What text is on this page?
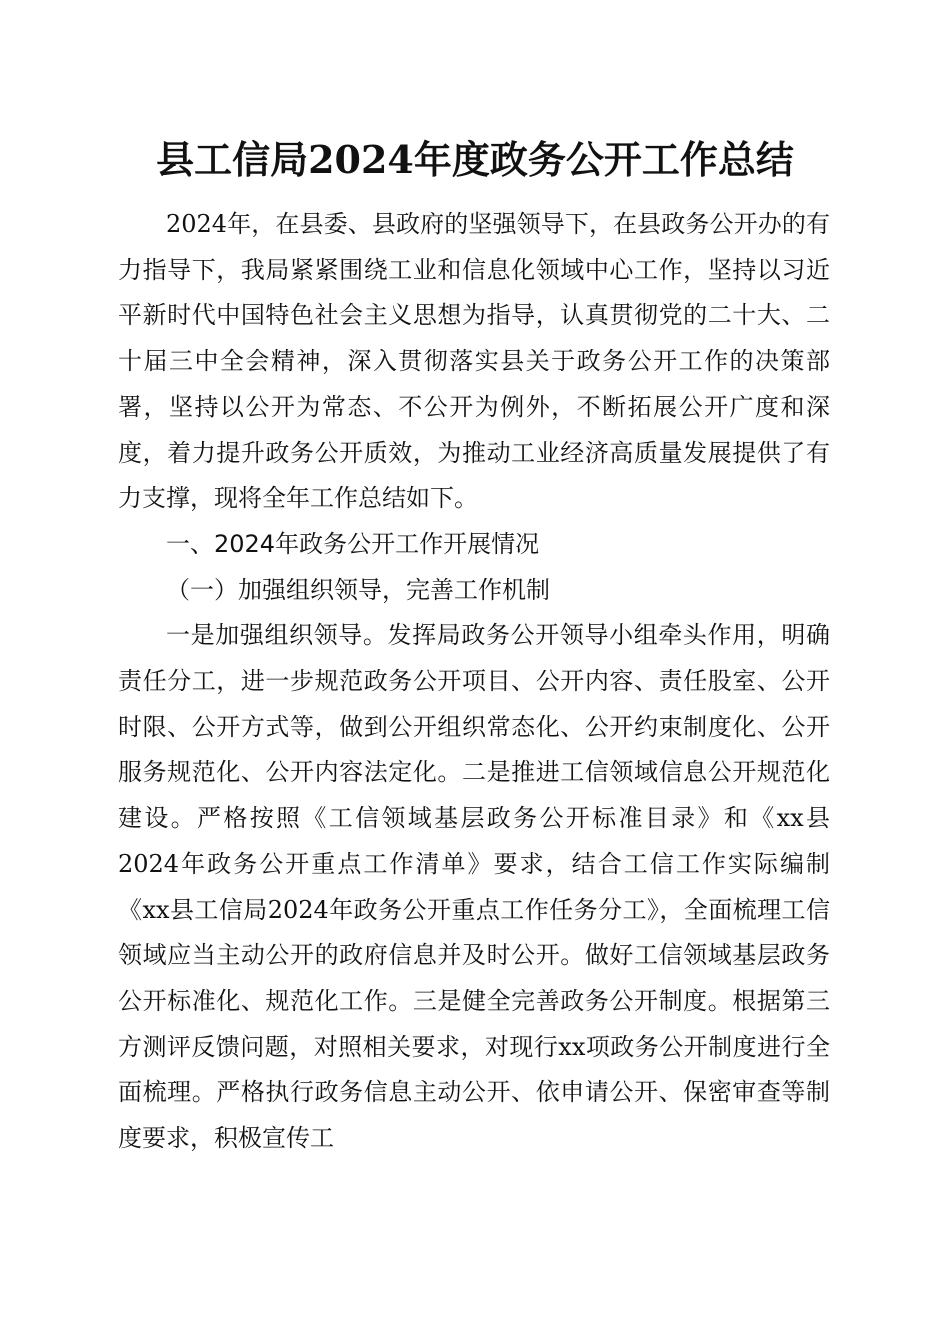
县工信局2024年度政务公开工作总结

2024年，在县委、县政府的坚强领导下，在县政务公开办的有力指导下，我局紧紧围绕工业和信息化领域中心工作，坚持以习近平新时代中国特色社会主义思想为指导，认真贯彻党的二十大、二十届三中全会精神，深入贯彻落实县关于政务公开工作的决策部署，坚持以公开为常态、不公开为例外，不断拓展公开广度和深度，着力提升政务公开质效，为推动工业经济高质量发展提供了有力支撑，现将全年工作总结如下。

一、2024年政务公开工作开展情况

（一）加强组织领导，完善工作机制

一是加强组织领导。发挥局政务公开领导小组牵头作用，明确责任分工，进一步规范政务公开项目、公开内容、责任股室、公开时限、公开方式等，做到公开组织常态化、公开约束制度化、公开服务规范化、公开内容法定化。二是推进工信领域信息公开规范化建设。严格按照《工信领域基层政务公开标准目录》和《xx县2024年政务公开重点工作清单》要求，结合工信工作实际编制《xx县工信局2024年政务公开重点工作任务分工》，全面梳理工信领域应当主动公开的政府信息并及时公开。做好工信领域基层政务公开标准化、规范化工作。三是健全完善政务公开制度。根据第三方测评反馈问题，对照相关要求，对现行xx项政务公开制度进行全面梳理。严格执行政务信息主动公开、依申请公开、保密审查等制度要求，积极宣传工
